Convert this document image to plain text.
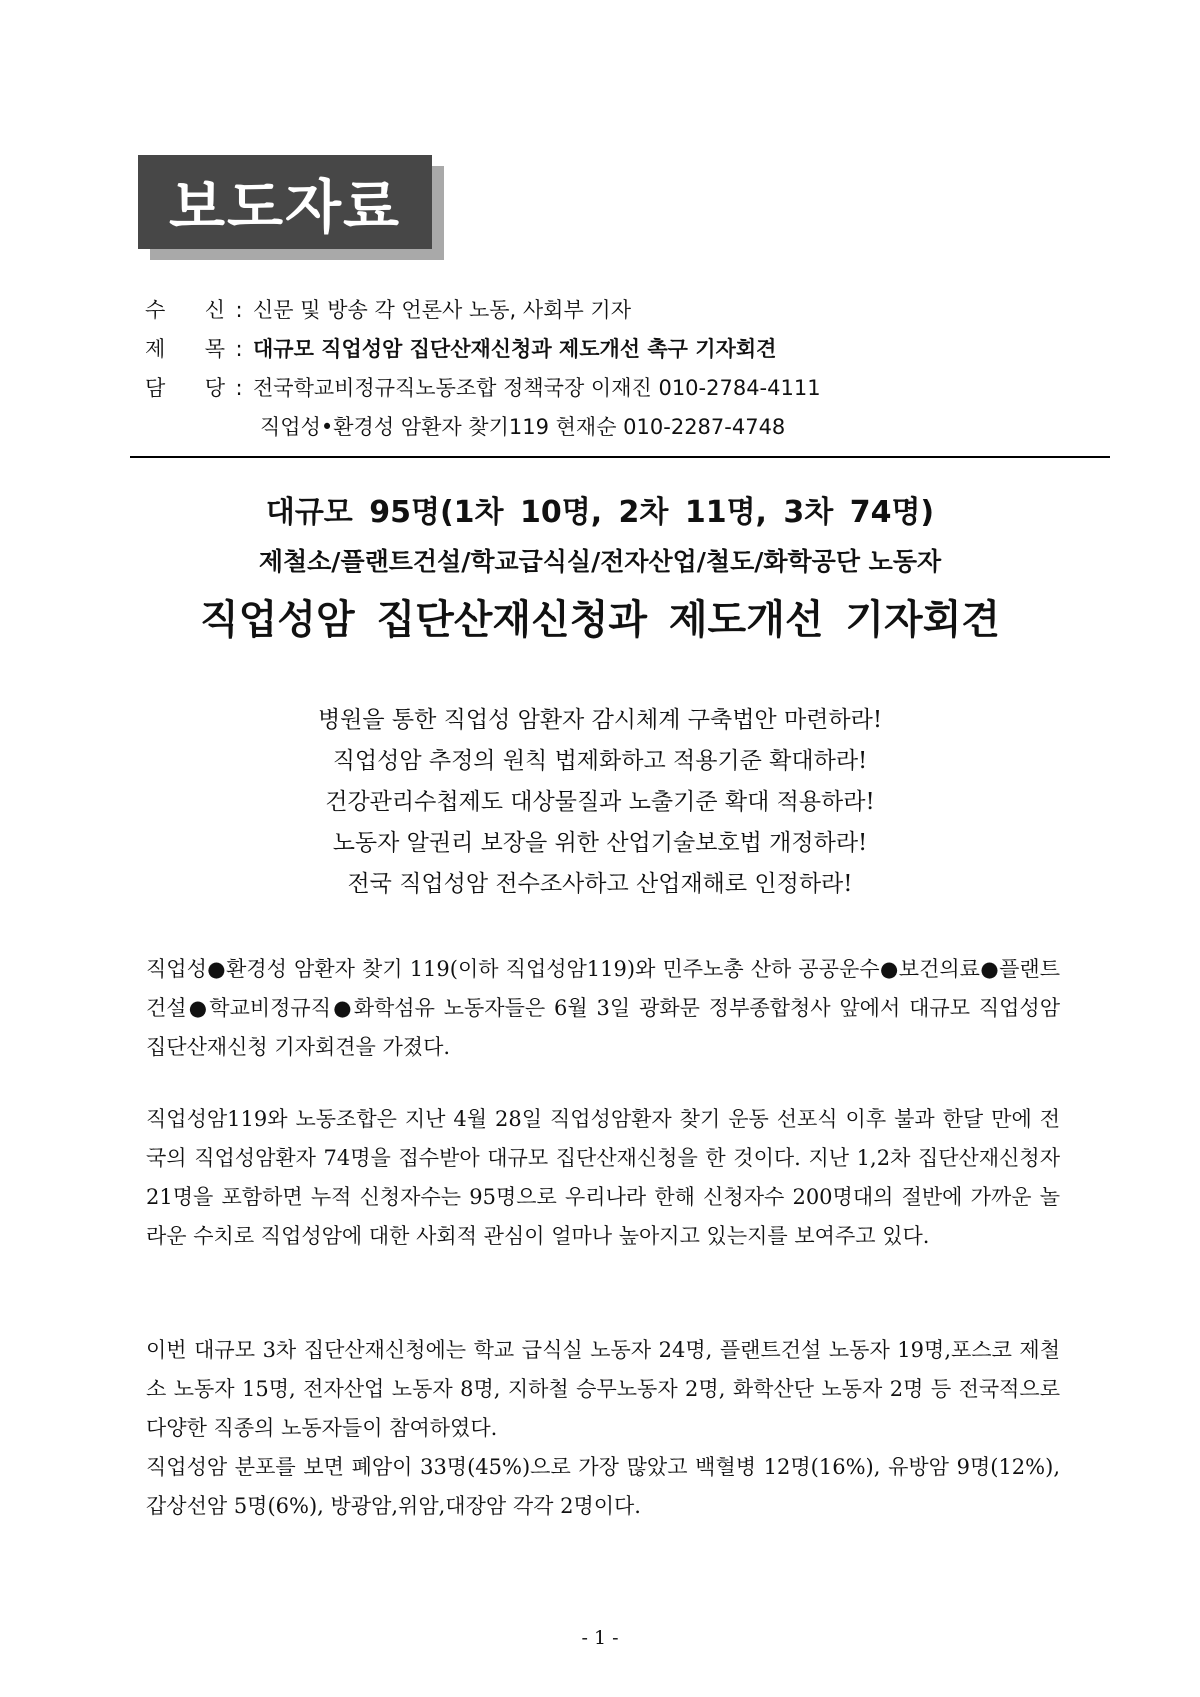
보도자료
수 신 : 신문 및 방송 각 언론사 노동, 사회부 기자
제 목 : 대규모 직업성암 집단산재신청과 제도개선 촉구 기자회견
담 당 : 전국학교비정규직노동조합 정책국장 이재진 010-2784-4111
직업성•환경성 암환자 찾기119 현재순 010-2287-4748
대규모 95명(1차 10명, 2차 11명, 3차 74명)
제철소/플랜트건설/학교급식실/전자산업/철도/화학공단 노동자
직업성암 집단산재신청과 제도개선 기자회견
병원을 통한 직업성 암환자 감시체계 구축법안 마련하라!
직업성암 추정의 원칙 법제화하고 적용기준 확대하라!
건강관리수첩제도 대상물질과 노출기준 확대 적용하라!
노동자 알권리 보장을 위한 산업기술보호법 개정하라!
전국 직업성암 전수조사하고 산업재해로 인정하라!
직업성●환경성 암환자 찾기 119(이하 직업성암119)와 민주노총 산하 공공운수●보건의료●플랜트건설●학교비정규직●화학섬유 노동자들은 6월 3일 광화문 정부종합청사 앞에서 대규모 직업성암 집단산재신청 기자회견을 가졌다.
직업성암119와 노동조합은 지난 4월 28일 직업성암환자 찾기 운동 선포식 이후 불과 한달 만에 전국의 직업성암환자 74명을 접수받아 대규모 집단산재신청을 한 것이다. 지난 1,2차 집단산재신청자 21명을 포함하면 누적 신청자수는 95명으로 우리나라 한해 신청자수 200명대의 절반에 가까운 놀라운 수치로 직업성암에 대한 사회적 관심이 얼마나 높아지고 있는지를 보여주고 있다.
이번 대규모 3차 집단산재신청에는 학교 급식실 노동자 24명, 플랜트건설 노동자 19명,포스코 제철소 노동자 15명, 전자산업 노동자 8명, 지하철 승무노동자 2명, 화학산단 노동자 2명 등 전국적으로 다양한 직종의 노동자들이 참여하였다.
직업성암 분포를 보면 폐암이 33명(45%)으로 가장 많았고 백혈병 12명(16%), 유방암 9명(12%), 갑상선암 5명(6%), 방광암,위암,대장암 각각 2명이다.
- 1 -
